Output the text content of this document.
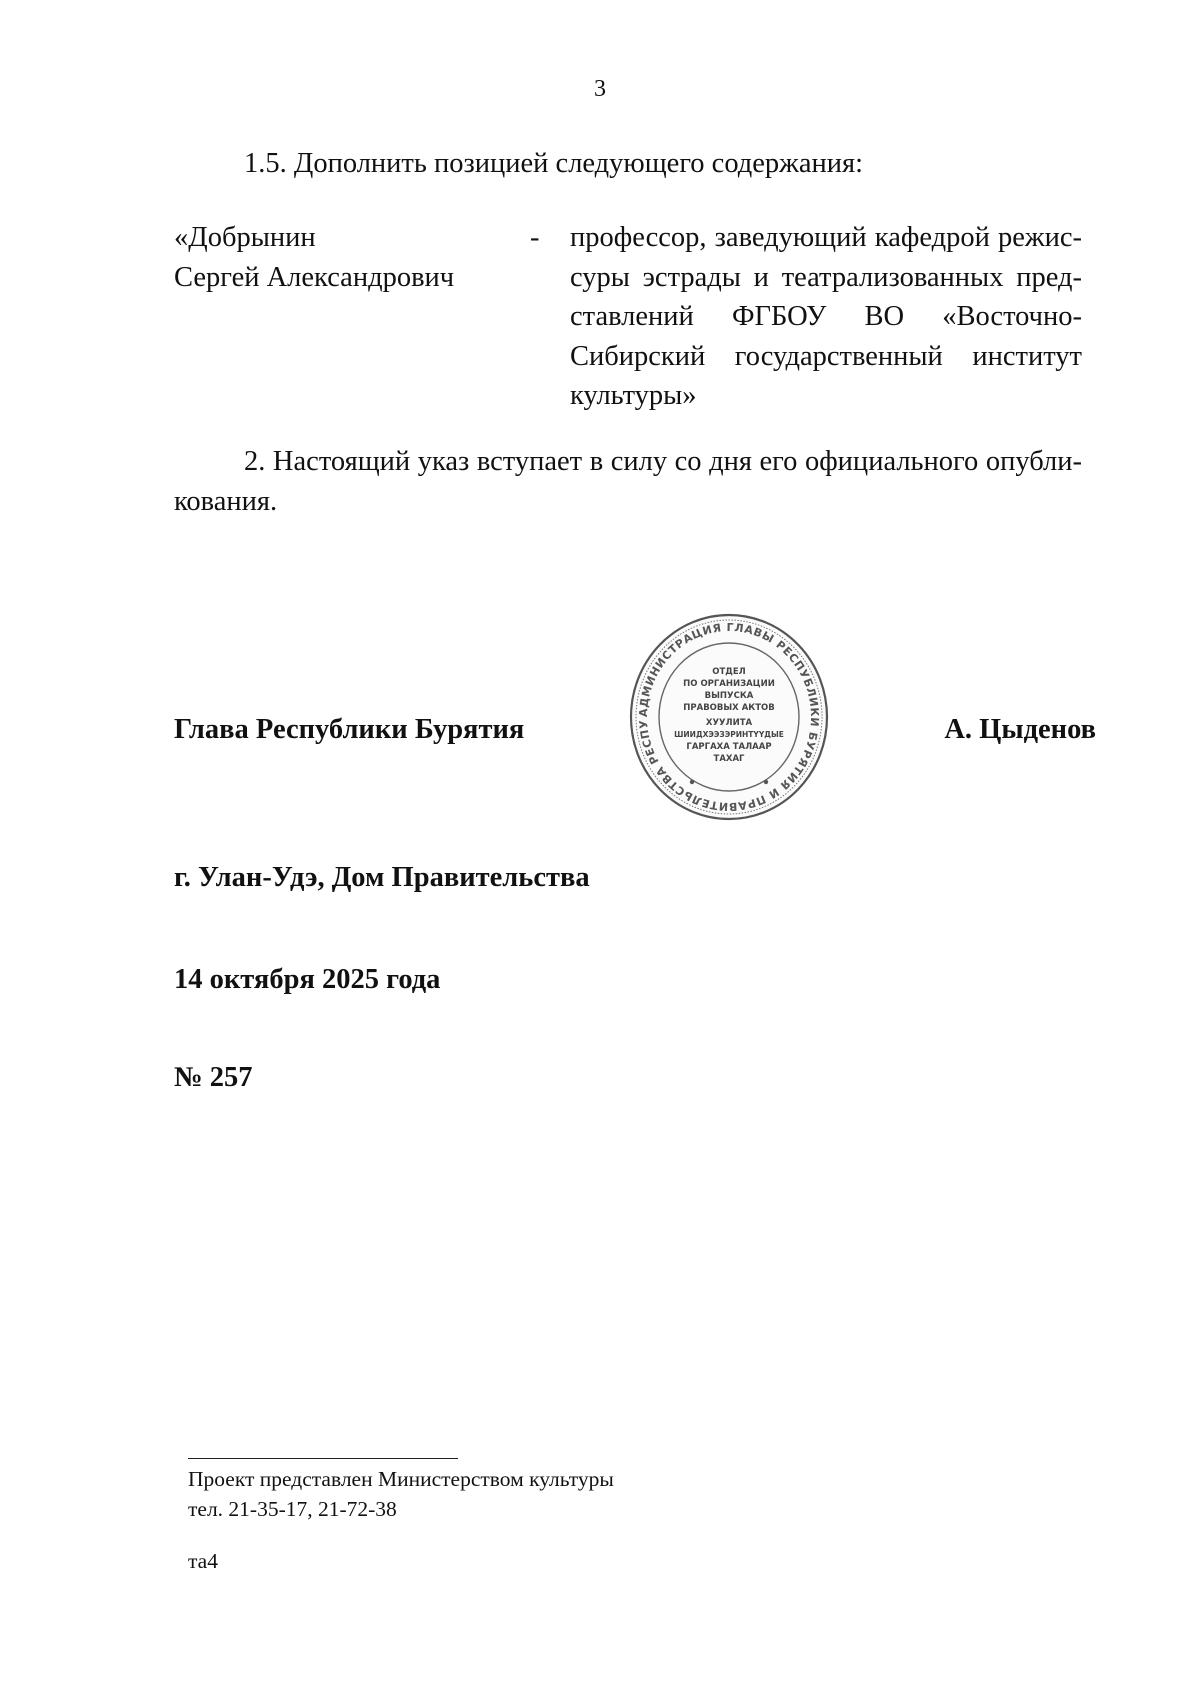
3
1.5. Дополнить позицией следующего содержания:
«Добрынин
Сергей Александрович
- профессор, заведующий кафедрой режиссуры эстрады и театрализованных представлений ФГБОУ ВО «Восточно-Сибирский государственный институт культуры»
2. Настоящий указ вступает в силу со дня его официального опубликования.
Глава Республики Бурятия
АДМИНИСТРАЦИЯ ГЛАВЫ РЕСПУБЛИКИ БУРЯТИЯ И ПРАВИТЕЛЬСТВА РЕСПУ
ОТДЕЛ
ПО ОРГАНИЗАЦИИ
ВЫПУСКА
ПРАВОВЫХ АКТОВ
ХУУЛИТА
ШИИДХЭЭЗЭРИНТҮҮДЫЕ
ГАРГАХА ТАЛААР
ТАХАГ
А. Цыденов
г. Улан-Удэ, Дом Правительства
14 октября 2025 года
№ 257
Проект представлен Министерством культуры
тел. 21-35-17, 21-72-38
та4
